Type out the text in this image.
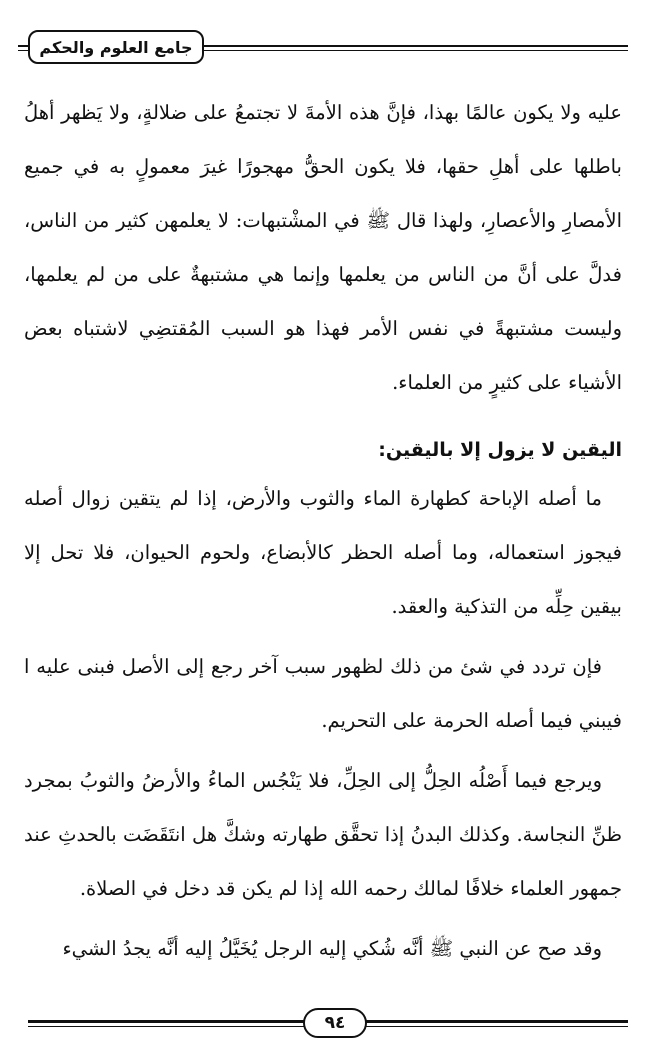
جامع العلوم والحكم

عليه ولا يكون عالمًا بهذا، فإنَّ هذه الأمةَ لا تجتمعُ على ضلالةٍ، ولا يَظهر أهلُ باطلها على أهلِ حقها، فلا يكون الحقُّ مهجورًا غيرَ معمولٍ به في جميع الأمصارِ والأعصارِ، ولهذا قال ﷺ في المشْتبهات: لا يعلمهن كثير من الناس، فدلَّ على أنَّ من الناس من يعلمها وإنما هي مشتبهةٌ على من لم يعلمها، وليست مشتبهةً في نفس الأمر فهذا هو السبب المُقتضِي لاشتباه بعض الأشياء على كثيرٍ من العلماء.

اليقين لا يزول إلا باليقين:

ما أصله الإباحة كطهارة الماء والثوب والأرض، إذا لم يتقين زوال أصله فيجوز استعماله، وما أصله الحظر كالأبضاع، ولحوم الحيوان، فلا تحل إلا بيقين حِلِّه من التذكية والعقد.

فإن تردد في شئ من ذلك لظهور سبب آخر رجع إلى الأصل فبنى عليه ا فيبني فيما أصله الحرمة على التحريم.

ويرجع فيما أَصْلُه الحِلُّ إلى الحِلِّ، فلا يَنْجُس الماءُ والأرضُ والثوبُ بمجرد ظنِّ النجاسة. وكذلك البدنُ إذا تحقَّق طهارته وشكَّ هل انتَقَضَت بالحدثِ عند جمهور العلماء خلافًا لمالك رحمه الله إذا لم يكن قد دخل في الصلاة.

وقد صح عن النبي ﷺ أنَّه شُكي إليه الرجل يُخَيَّلُ إليه أنَّه يجدُ الشيء

٩٤
